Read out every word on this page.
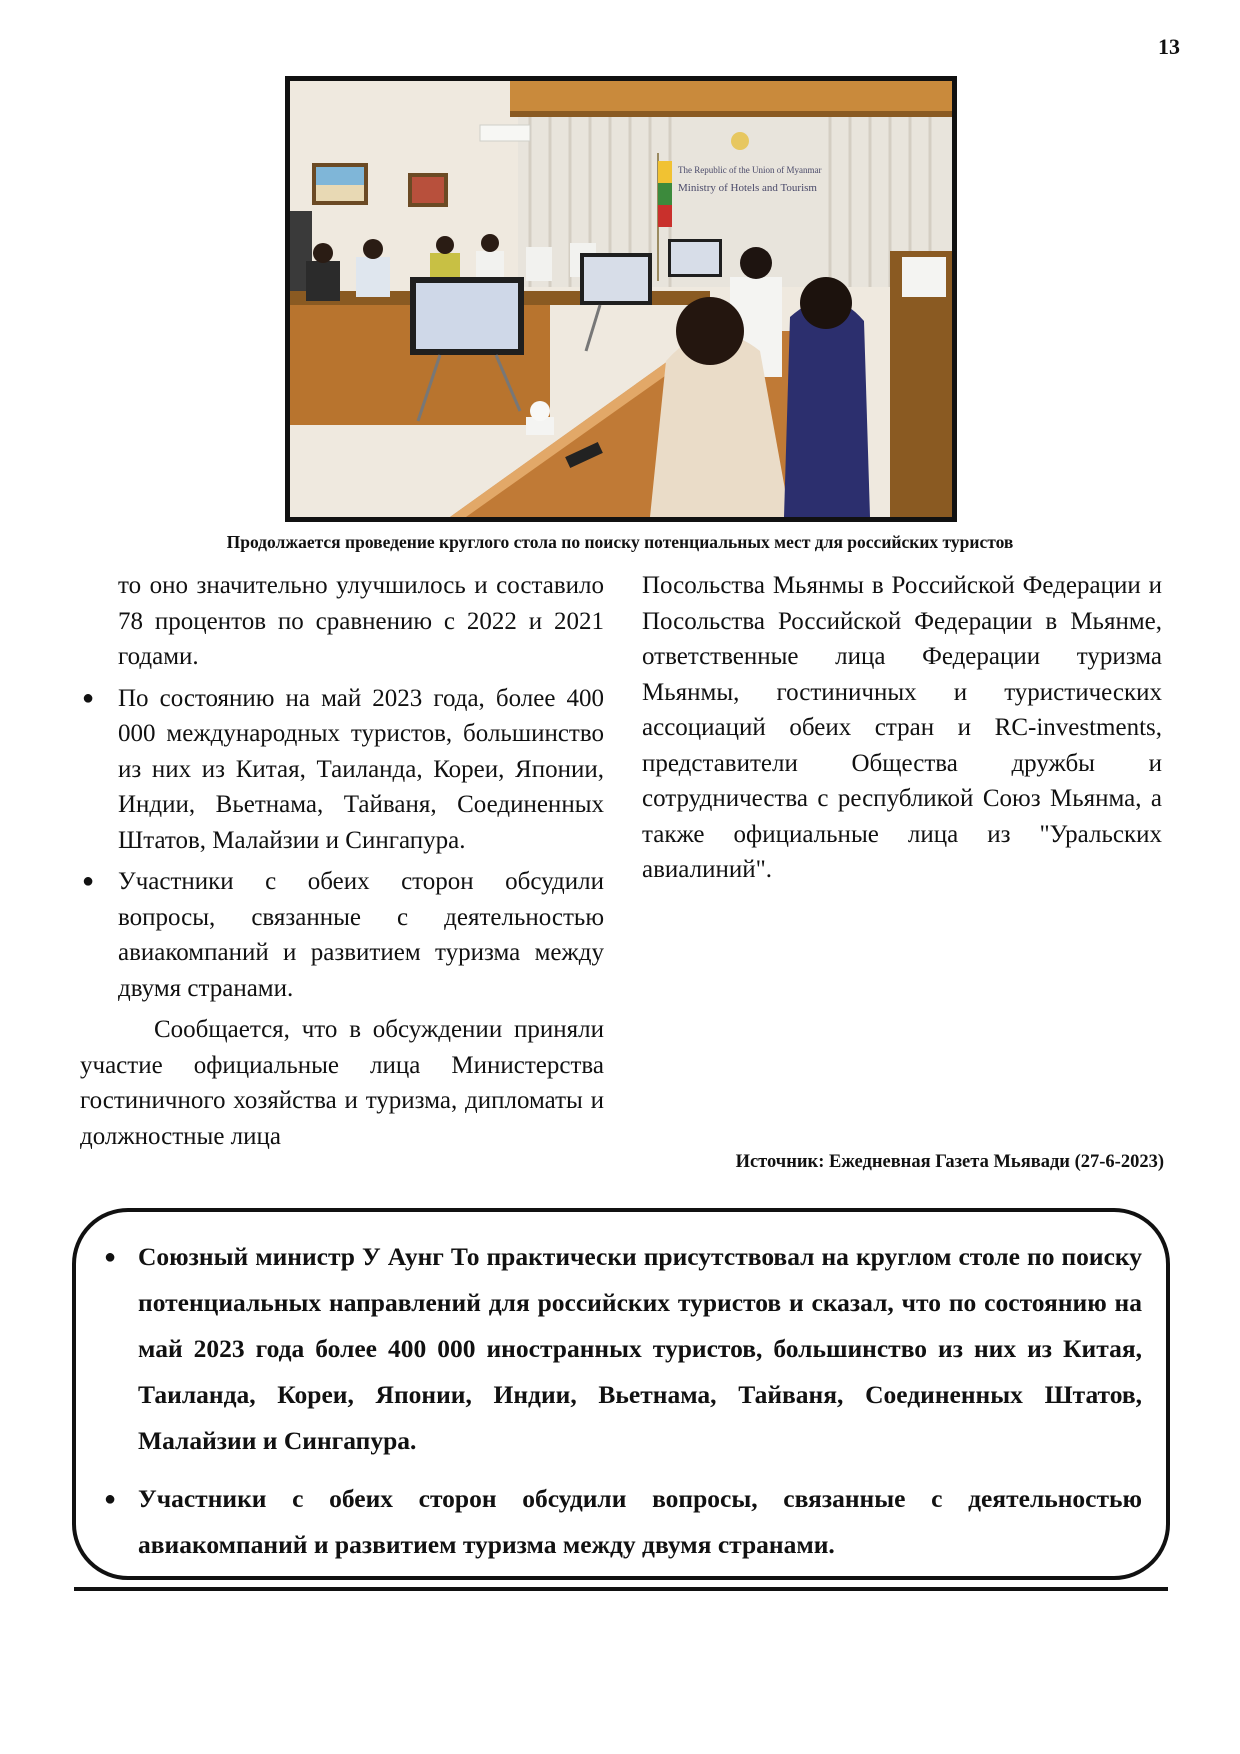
13
The Republic of the Union of Myanmar
Ministry of Hotels and Tourism
Продолжается проведение круглого стола по поиску потенциальных мест для российских туристов

то оно значительно улучшилось и составило 78 процентов по сравнению с 2022 и 2021 годами.

● По состоянию на май 2023 года, более 400 000 международных туристов, большинство из них из Китая, Таиланда, Кореи, Японии, Индии, Вьетнама, Тайваня, Соединенных Штатов, Малайзии и Сингапура.
● Участники с обеих сторон обсудили вопросы, связанные с деятельностью авиакомпаний и развитием туризма между двумя странами.

Сообщается, что в обсуждении приняли участие официальные лица Министерства гостиничного хозяйства и туризма, дипломаты и должностные лица

Посольства Мьянмы в Российской Федерации и Посольства Российской Федерации в Мьянме, ответственные лица Федерации туризма Мьянмы, гостиничных и туристических ассоциаций обеих стран и RC-investments, представители Общества дружбы и сотрудничества с республикой Союз Мьянма, а также официальные лица из "Уральских авиалиний".

Источник: Ежедневная Газета Мьявади (27-6-2023)
● Союзный министр У Аунг То практически присутствовал на круглом столе по поиску потенциальных направлений для российских туристов и сказал, что по состоянию на май 2023 года более 400 000 иностранных туристов, большинство из них из Китая, Таиланда, Кореи, Японии, Индии, Вьетнама, Тайваня, Соединенных Штатов, Малайзии и Сингапура.
● Участники с обеих сторон обсудили вопросы, связанные с деятельностью авиакомпаний и развитием туризма между двумя странами.
